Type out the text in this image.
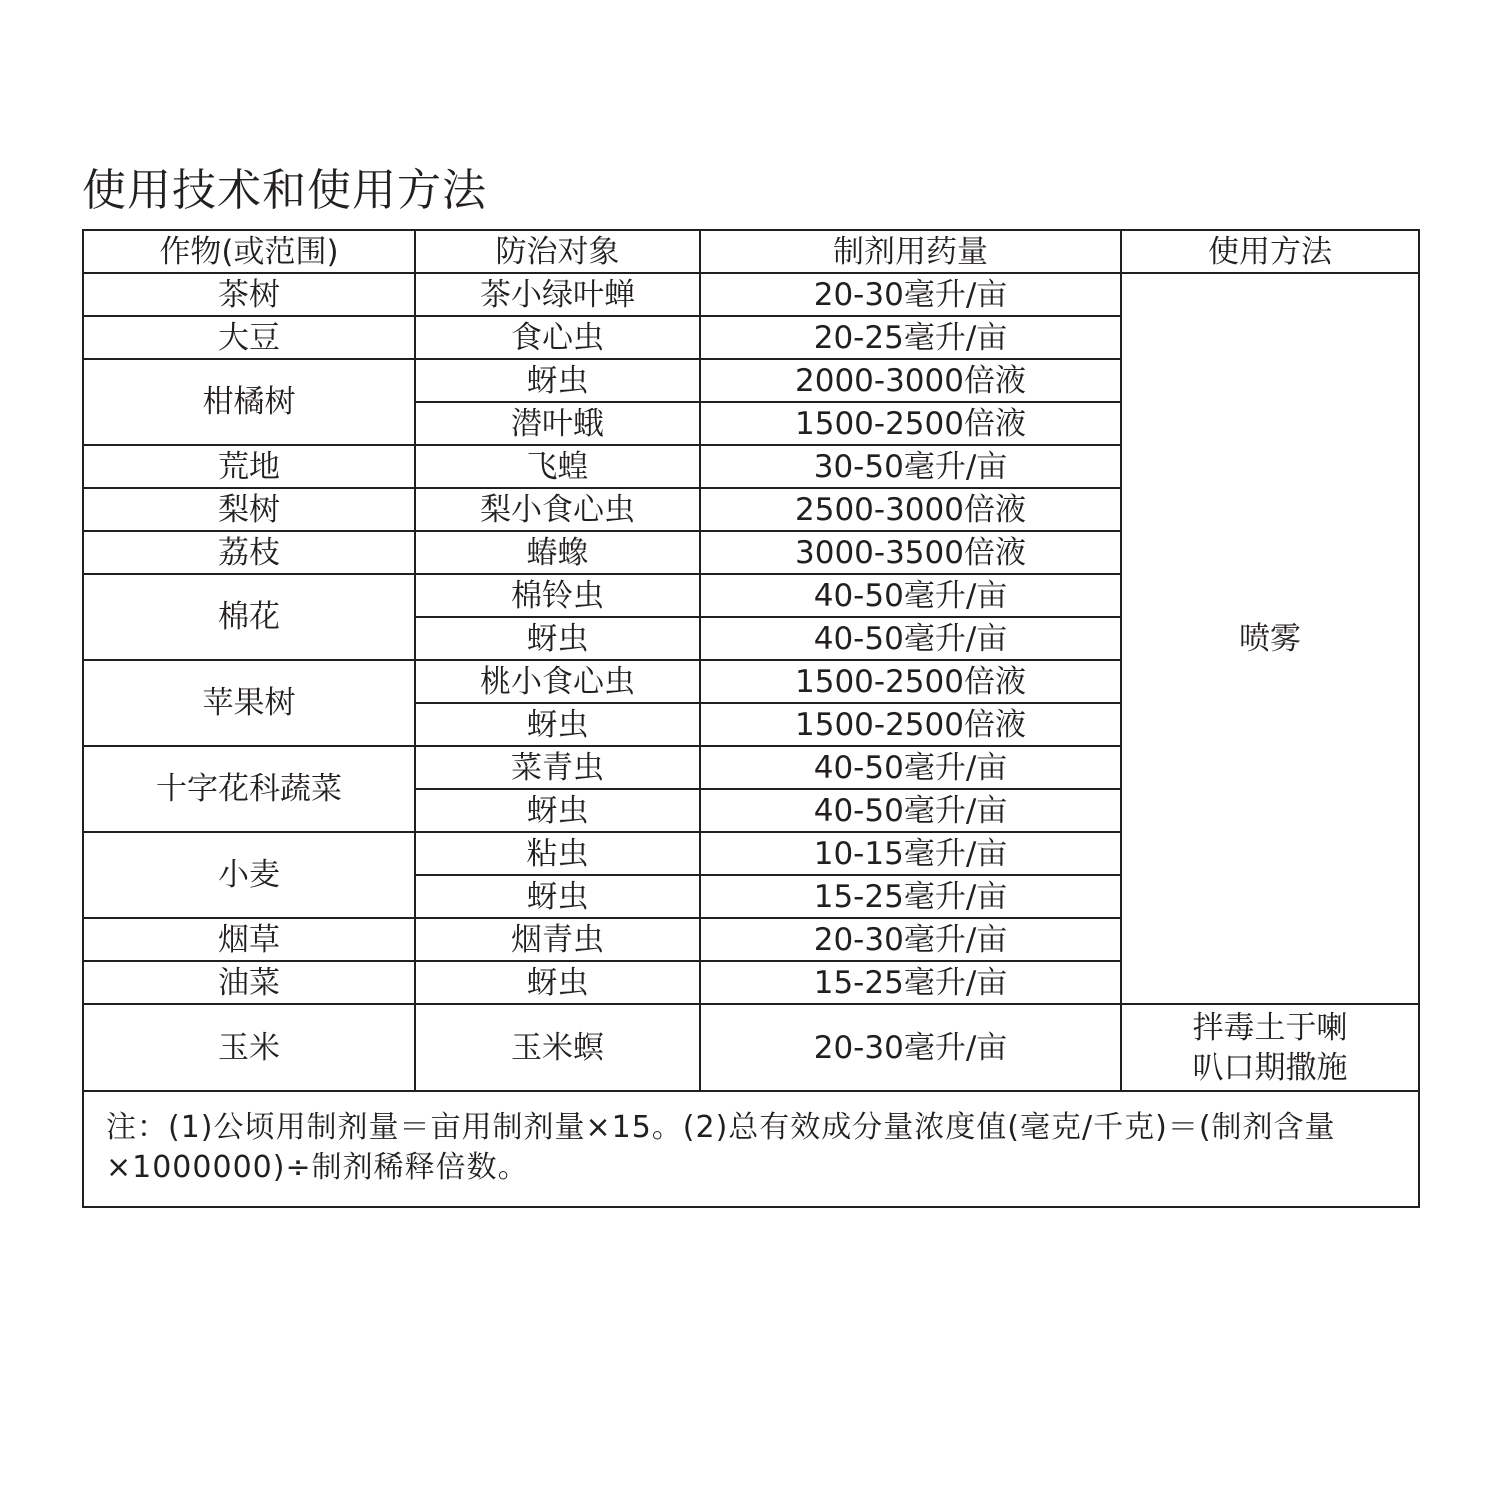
使用技术和使用方法
作物(或范围)	防治对象	制剂用药量	使用方法
茶树	茶小绿叶蝉	20-30毫升/亩	喷雾
大豆	食心虫	20-25毫升/亩	
柑橘树	蚜虫	2000-3000倍液	
	潜叶蛾	1500-2500倍液	
荒地	飞蝗	30-50毫升/亩	
梨树	梨小食心虫	2500-3000倍液	
荔枝	蝽蟓	3000-3500倍液	
棉花	棉铃虫	40-50毫升/亩	
	蚜虫	40-50毫升/亩	
苹果树	桃小食心虫	1500-2500倍液	
	蚜虫	1500-2500倍液	
十字花科蔬菜	菜青虫	40-50毫升/亩	
	蚜虫	40-50毫升/亩	
小麦	粘虫	10-15毫升/亩	
	蚜虫	15-25毫升/亩	
烟草	烟青虫	20-30毫升/亩	
油菜	蚜虫	15-25毫升/亩	
玉米	玉米螟	20-30毫升/亩	拌毒土于喇
叭口期撒施

注：(1)公顷用制剂量＝亩用制剂量×15。(2)总有效成分量浓度值(毫克/千克)＝(制剂含量×1000000)÷制剂稀释倍数。			
